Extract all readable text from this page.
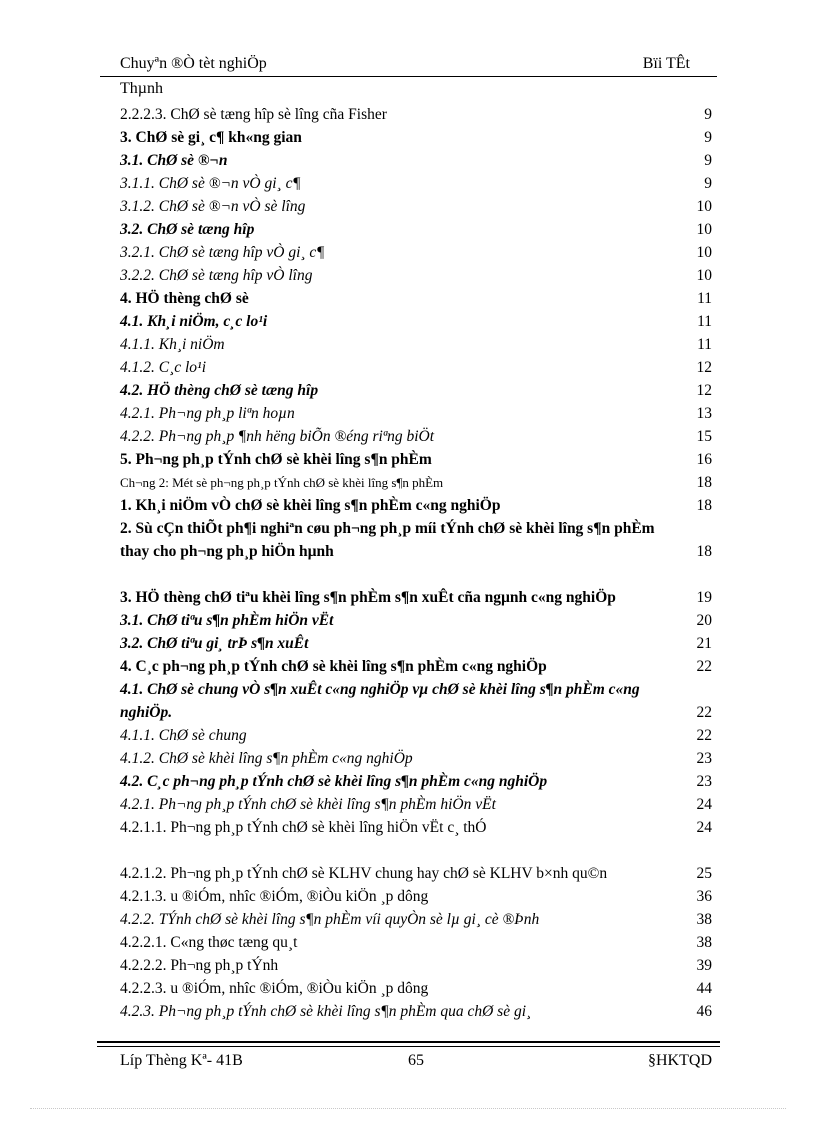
Chuyªn ®Ò tèt nghiÖp	Bïi TÊt
Thµnh
2.2.2.3. ChØ sè tæng hîp sè lîng cña Fisher	9
3. ChØ sè gi¸ c¶ kh«ng gian	9
3.1. ChØ sè ®¬n	9
3.1.1. ChØ sè ®¬n vÒ gi¸ c¶	9
3.1.2. ChØ sè ®¬n vÒ sè lîng	10
3.2. ChØ sè tæng hîp	10
3.2.1. ChØ sè tæng hîp vÒ gi¸ c¶	10
3.2.2. ChØ sè tæng hîp vÒ lîng	10
4. HÖ thèng chØ sè	11
4.1. Kh¸i niÖm, c¸c lo¹i	11
4.1.1. Kh¸i niÖm	11
4.1.2. C¸c lo¹i	12
4.2. HÖ thèng chØ sè tæng hîp	12
4.2.1. Ph¬ng ph¸p liªn hoµn	13
4.2.2. Ph¬ng ph¸p ¶nh hëng biÕn ®éng riªng biÖt	15
5. Ph¬ng ph¸p tÝnh chØ sè khèi lîng s¶n phÈm	16
Ch¬ng 2: Mét sè ph¬ng ph¸p tÝnh chØ sè khèi lîng s¶n phÈm	18
1. Kh¸i niÖm vÒ chØ sè khèi lîng s¶n phÈm c«ng nghiÖp	18
2. Sù cÇn thiÕt ph¶i nghiªn cøu ph¬ng ph¸p míi tÝnh chØ sè khèi lîng s¶n phÈm thay cho ph¬ng ph¸p hiÖn hµnh	18
3. HÖ thèng chØ tiªu khèi lîng s¶n phÈm s¶n xuÊt cña ngµnh c«ng nghiÖp	19
3.1. ChØ tiªu s¶n phÈm hiÖn vËt	20
3.2. ChØ tiªu gi¸ trÞ s¶n xuÊt	21
4. C¸c ph¬ng ph¸p tÝnh chØ sè khèi lîng s¶n phÈm c«ng nghiÖp	22
4.1. ChØ sè chung vÒ s¶n xuÊt c«ng nghiÖp vµ chØ sè khèi lîng s¶n phÈm c«ng nghiÖp.	22
4.1.1. ChØ sè chung	22
4.1.2. ChØ sè khèi lîng s¶n phÈm c«ng nghiÖp	23
4.2. C¸c ph¬ng ph¸p tÝnh chØ sè khèi lîng s¶n phÈm c«ng nghiÖp	23
4.2.1. Ph¬ng ph¸p tÝnh chØ sè khèi lîng s¶n phÈm hiÖn vËt	24
4.2.1.1. Ph¬ng ph¸p tÝnh chØ sè khèi lîng hiÖn vËt c¸ thÓ	24
4.2.1.2. Ph¬ng ph¸p tÝnh chØ sè KLHV chung hay chØ sè KLHV b×nh qu©n	25
4.2.1.3. u ®iÓm, nhîc ®iÓm, ®iÒu kiÖn ¸p dông	36
4.2.2. TÝnh chØ sè khèi lîng s¶n phÈm víi quyÒn sè lµ gi¸ cè ®Þnh	38
4.2.2.1. C«ng thøc tæng qu¸t	38
4.2.2.2. Ph¬ng ph¸p tÝnh	39
4.2.2.3. u ®iÓm, nhîc ®iÓm, ®iÒu kiÖn ¸p dông	44
4.2.3. Ph¬ng ph¸p tÝnh chØ sè khèi lîng s¶n phÈm qua chØ sè gi¸	46
Líp Thèng Kª- 41B	65	§HKTQD
